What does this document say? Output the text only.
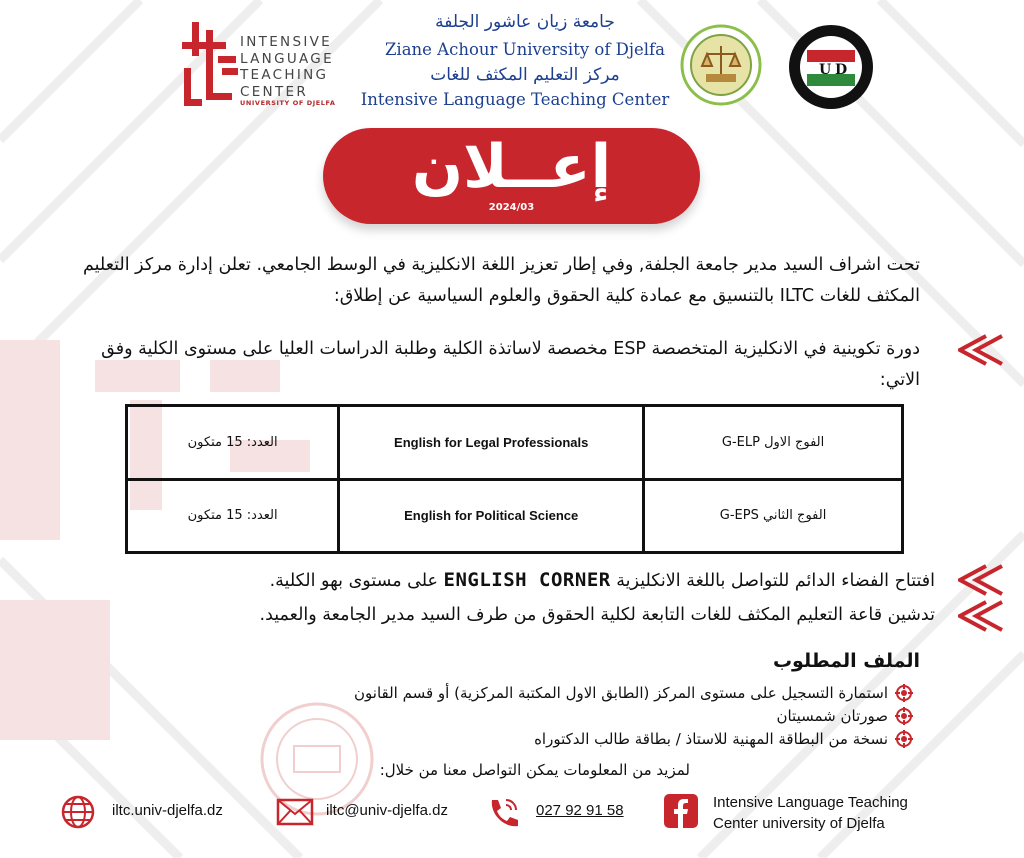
INTENSIVE
LANGUAGE
TEACHING
CENTER
UNIVERSITY OF DJELFA
جامعة زيان عاشور الجلفة
Ziane Achour University of Djelfa
مركز التعليم المكثف للغات
Intensive Language Teaching Center
U D
إعــلان
2024/03
تحت اشراف السيد مدير جامعة الجلفة, وفي إطار تعزيز اللغة الانكليزية في الوسط الجامعي. تعلن إدارة مركز التعليم المكثف للغات ILTC بالتنسيق مع عمادة كلية الحقوق والعلوم السياسية عن إطلاق:
دورة تكوينية في الانكليزية المتخصصة ESP مخصصة لاساتذة الكلية وطلبة الدراسات العليا على مستوى الكلية وفق الاتي:
الفوج الاول G-ELP	English for Legal Professionals	العدد: 15 متكون
الفوج الثاني G-EPS	English for Political Science	العدد: 15 متكون
افتتاح الفضاء الدائم للتواصل باللغة الانكليزية ENGLISH CORNER على مستوى بهو الكلية.
تدشين قاعة التعليم المكثف للغات التابعة لكلية الحقوق من طرف السيد مدير الجامعة والعميد.
الملف المطلوب
استمارة التسجيل على مستوى المركز (الطابق الاول المكتبة المركزية) أو قسم القانون
صورتان شمسيتان
نسخة من البطاقة المهنية للاستاذ / بطاقة طالب الدكتوراه
لمزيد من المعلومات يمكن التواصل معنا من خلال:
iltc.univ-djelfa.dz	iltc@univ-djelfa.dz	027 92 91 58	Intensive Language Teaching
Center university of Djelfa
